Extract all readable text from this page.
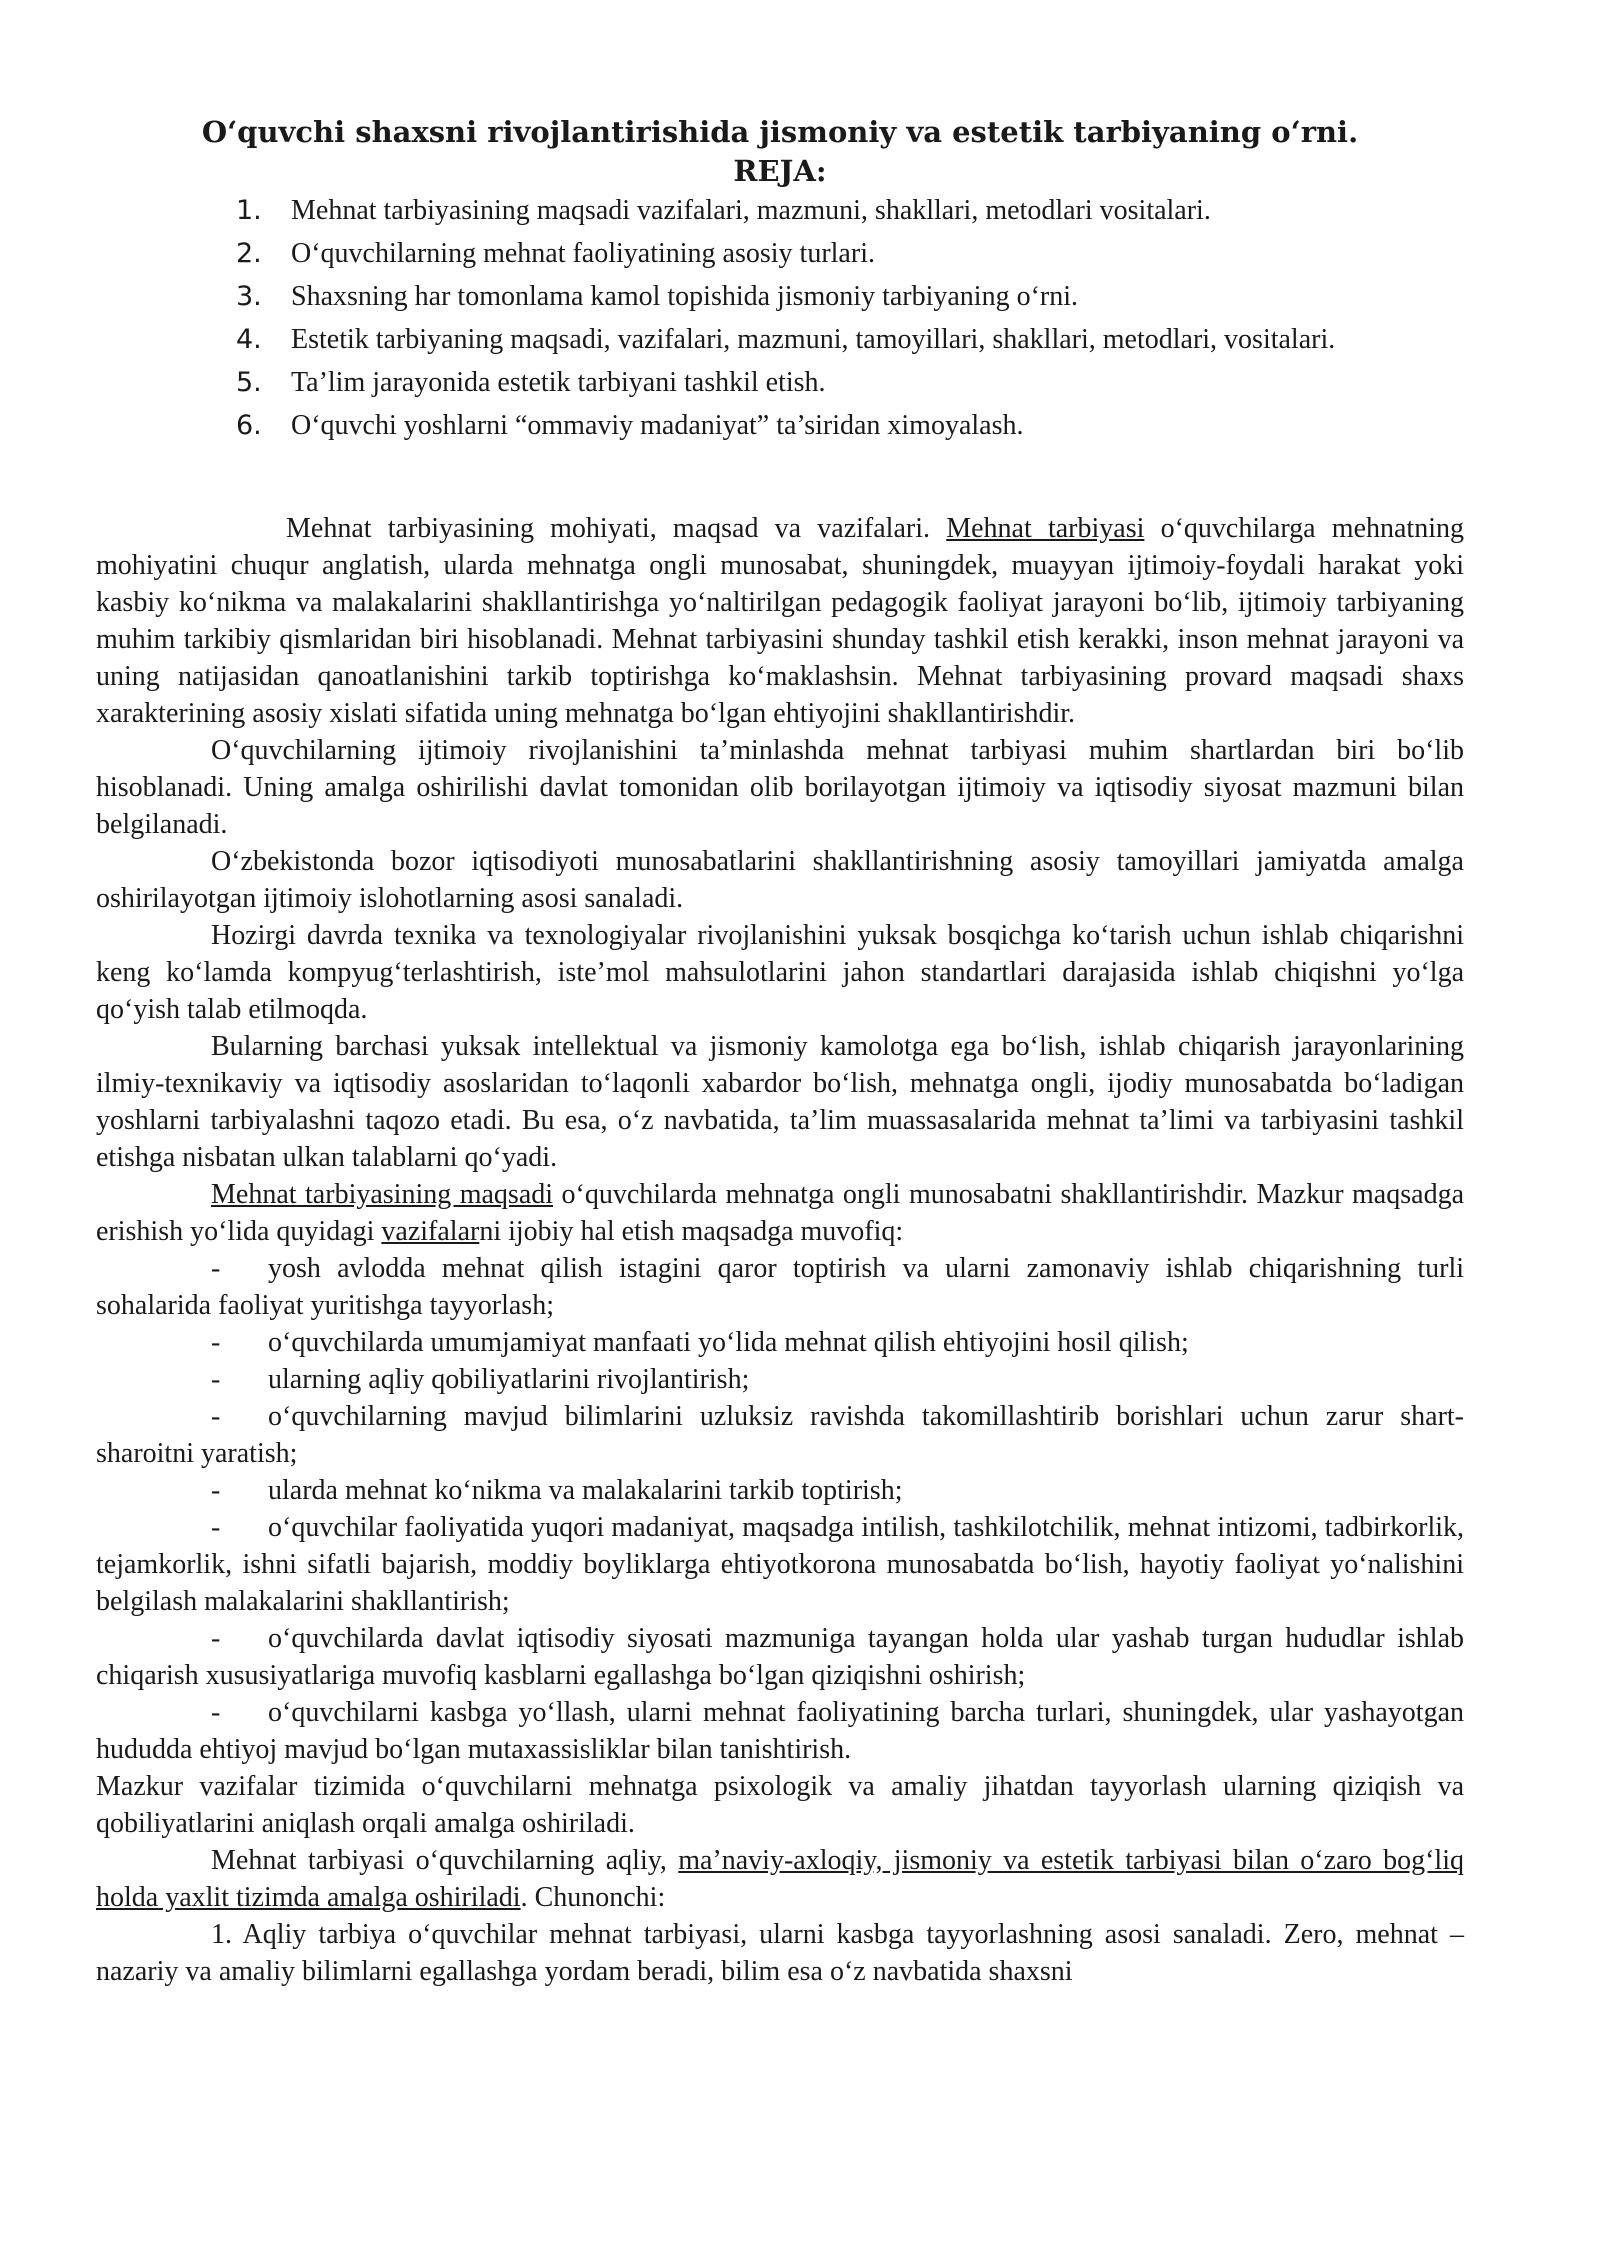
O‘quvchi shaxsni rivojlantirishida jismoniy va estetik tarbiyaning o‘rni.
REJA:
1.	Mehnat tarbiyasining maqsadi vazifalari, mazmuni, shakllari, metodlari vositalari.
2.	O‘quvchilarning mehnat faoliyatining asosiy turlari.
3.	Shaxsning har tomonlama kamol topishida jismoniy tarbiyaning o‘rni.
4.	Estetik tarbiyaning maqsadi, vazifalari, mazmuni, tamoyillari, shakllari, metodlari, vositalari.
5.	Ta’lim jarayonida estetik tarbiyani tashkil etish.
6.	O‘quvchi yoshlarni “ommaviy madaniyat” ta’siridan ximoyalash.

Mehnat tarbiyasining mohiyati, maqsad va vazifalari. Mehnat tarbiyasi o‘quvchilarga mehnatning mohiyatini chuqur anglatish, ularda mehnatga ongli munosabat, shuningdek, muayyan ijtimoiy-foydali harakat yoki kasbiy ko‘nikma va malakalarini shakllantirishga yo‘naltirilgan pedagogik faoliyat jarayoni bo‘lib, ijtimoiy tarbiyaning muhim tarkibiy qismlaridan biri hisoblanadi. Mehnat tarbiyasini shunday tashkil etish kerakki, inson mehnat jarayoni va uning natijasidan qanoatlanishini tarkib toptirishga ko‘maklashsin. Mehnat tarbiyasining provard maqsadi shaxs xarakterining asosiy xislati sifatida uning mehnatga bo‘lgan ehtiyojini shakllantirishdir.

O‘quvchilarning ijtimoiy rivojlanishini ta’minlashda mehnat tarbiyasi muhim shartlardan biri bo‘lib hisoblanadi. Uning amalga oshirilishi davlat tomonidan olib borilayotgan ijtimoiy va iqtisodiy siyosat mazmuni bilan belgilanadi.

O‘zbekistonda bozor iqtisodiyoti munosabatlarini shakllantirishning asosiy tamoyillari jamiyatda amalga oshirilayotgan ijtimoiy islohotlarning asosi sanaladi.

Hozirgi davrda texnika va texnologiyalar rivojlanishini yuksak bosqichga ko‘tarish uchun ishlab chiqarishni keng ko‘lamda kompyug‘terlashtirish, iste’mol mahsulotlarini jahon standartlari darajasida ishlab chiqishni yo‘lga qo‘yish talab etilmoqda.

Bularning barchasi yuksak intellektual va jismoniy kamolotga ega bo‘lish, ishlab chiqarish jarayonlarining ilmiy-texnikaviy va iqtisodiy asoslaridan to‘laqonli xabardor bo‘lish, mehnatga ongli, ijodiy munosabatda bo‘ladigan yoshlarni tarbiyalashni taqozo etadi. Bu esa, o‘z navbatida, ta’lim muassasalarida mehnat ta’limi va tarbiyasini tashkil etishga nisbatan ulkan talablarni qo‘yadi.

Mehnat tarbiyasining maqsadi o‘quvchilarda mehnatga ongli munosabatni shakllantirishdir. Mazkur maqsadga erishish yo‘lida quyidagi vazifalarni ijobiy hal etish maqsadga muvofiq:

- yosh avlodda mehnat qilish istagini qaror toptirish va ularni zamonaviy ishlab chiqarishning turli sohalarida faoliyat yuritishga tayyorlash;

- o‘quvchilarda umumjamiyat manfaati yo‘lida mehnat qilish ehtiyojini hosil qilish;

- ularning aqliy qobiliyatlarini rivojlantirish;

- o‘quvchilarning mavjud bilimlarini uzluksiz ravishda takomillashtirib borishlari uchun zarur shart-sharoitni yaratish;

- ularda mehnat ko‘nikma va malakalarini tarkib toptirish;

- o‘quvchilar faoliyatida yuqori madaniyat, maqsadga intilish, tashkilotchilik, mehnat intizomi, tadbirkorlik, tejamkorlik, ishni sifatli bajarish, moddiy boyliklarga ehtiyotkorona munosabatda bo‘lish, hayotiy faoliyat yo‘nalishini belgilash malakalarini shakllantirish;

- o‘quvchilarda davlat iqtisodiy siyosati mazmuniga tayangan holda ular yashab turgan hududlar ishlab chiqarish xususiyatlariga muvofiq kasblarni egallashga bo‘lgan qiziqishni oshirish;

- o‘quvchilarni kasbga yo‘llash, ularni mehnat faoliyatining barcha turlari, shuningdek, ular yashayotgan hududda ehtiyoj mavjud bo‘lgan mutaxassisliklar bilan tanishtirish.

Mazkur vazifalar tizimida o‘quvchilarni mehnatga psixologik va amaliy jihatdan tayyorlash ularning qiziqish va qobiliyatlarini aniqlash orqali amalga oshiriladi.

Mehnat tarbiyasi o‘quvchilarning aqliy, ma’naviy-axloqiy, jismoniy va estetik tarbiyasi bilan o‘zaro bog‘liq holda yaxlit tizimda amalga oshiriladi. Chunonchi:

1. Aqliy tarbiya o‘quvchilar mehnat tarbiyasi, ularni kasbga tayyorlashning asosi sanaladi. Zero, mehnat – nazariy va amaliy bilimlarni egallashga yordam beradi, bilim esa o‘z navbatida shaxsni
